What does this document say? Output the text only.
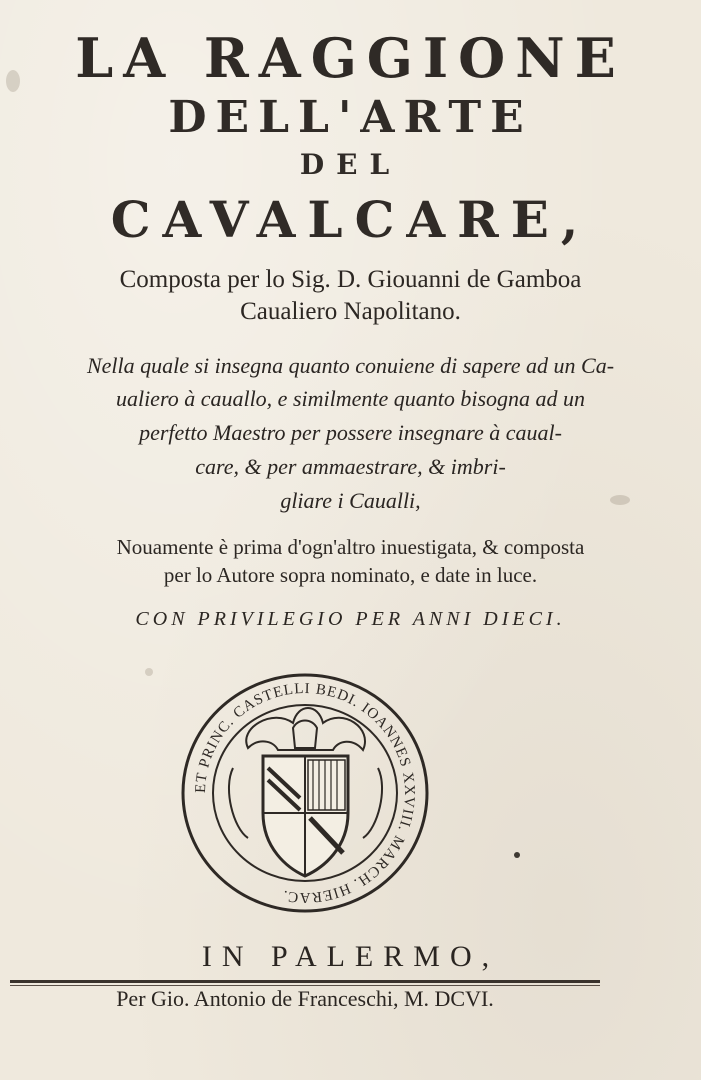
LA RAGGIONE
DELL'ARTE
DEL
CAVALCARE,
Composta per lo Sig. D. Giouanni de Gamboa
Caualiero Napolitano.
Nella quale si insegna quanto conuiene di sapere ad un Ca-
ualiero à cauallo, e similmente quanto bisogna ad un
perfetto Maestro per possere insegnare à caual-
care, & per ammaestrare, & imbri-
gliare i Caualli,
Nouamente è prima d'ogn'altro inuestigata, & composta
per lo Autore sopra nominato, e date in luce.
CON PRIVILEGIO PER ANNI DIECI.
ET PRINC. CASTELLI BEDI. IOANNES XXVIII. MARCH. HIERAC.
IN PALERMO,
Per Gio. Antonio de Franceschi, M. DCVI.
